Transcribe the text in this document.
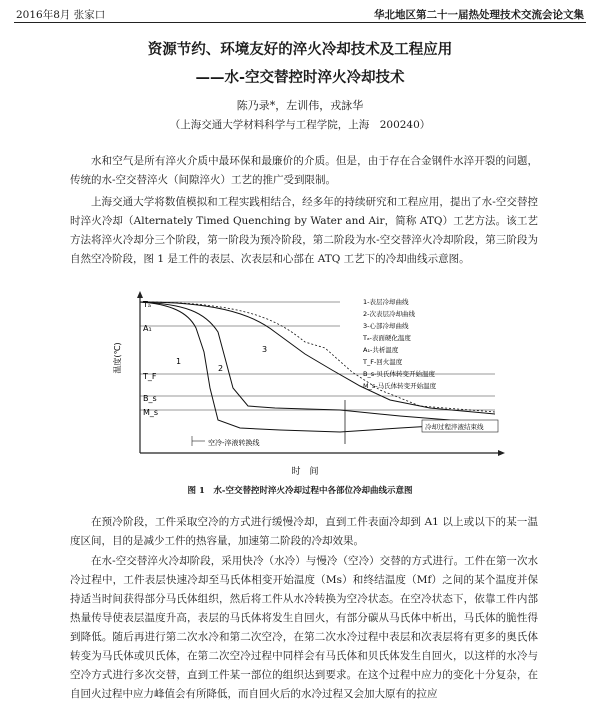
2016年8月 张家口	华北地区第二十一届热处理技术交流会论文集
资源节约、环境友好的淬火冷却技术及工程应用
——水-空交替控时淬火冷却技术
陈乃录*，左训伟，戎詠华
（上海交通大学材料科学与工程学院，上海　200240）

水和空气是所有淬火介质中最环保和最廉价的介质。但是，由于存在合金钢件水淬开裂的问题，传统的水-空交替淬火（间隙淬火）工艺的推广受到限制。

上海交通大学将数值模拟和工程实践相结合，经多年的持续研究和工程应用，提出了水-空交替控时淬火冷却（Alternately Timed Quenching by Water and Air，简称 ATQ）工艺方法。该工艺方法将淬火冷却分三个阶段，第一阶段为预冷阶段，第二阶段为水-空交替淬火冷却阶段，第三阶段为自然空冷阶段，图 1 是工件的表层、次表层和心部在 ATQ 工艺下的冷却曲线示意图。

Tₐ
A₁
T_F
B_s
M_s
温度(℃)	1
2
3
空冷-淬液转换线
冷却过程淬液结束线
1-表层冷却曲线
2-次表层冷却曲线
3-心部冷却曲线
Tₐ-表面硬化温度
A₁-共析温度
T_F-回火温度
B_s-贝氏体转变开始温度
M_s-马氏体转变开始温度
时　间
图 1　水-空交替控时淬火冷却过程中各部位冷却曲线示意图

在预冷阶段，工件采取空冷的方式进行缓慢冷却，直到工件表面冷却到 A1 以上或以下的某一温度区间，目的是减少工件的热容量，加速第二阶段的冷却效果。

在水-空交替淬火冷却阶段，采用快冷（水冷）与慢冷（空冷）交替的方式进行。工件在第一次水冷过程中，工件表层快速冷却至马氏体相变开始温度（Ms）和终结温度（Mf）之间的某个温度并保持适当时间获得部分马氏体组织，然后将工件从水冷转换为空冷状态。在空冷状态下，依靠工件内部热量传导使表层温度升高，表层的马氏体将发生自回火，有部分碳从马氏体中析出，马氏体的脆性得到降低。随后再进行第二次水冷和第二次空冷，在第二次水冷过程中表层和次表层将有更多的奥氏体转变为马氏体或贝氏体，在第二次空冷过程中同样会有马氏体和贝氏体发生自回火，以这样的水冷与空冷方式进行多次交替，直到工件某一部位的组织达到要求。在这个过程中应力的变化十分复杂，在自回火过程中应力峰值会有所降低，而自回火后的水冷过程又会加大原有的拉应
